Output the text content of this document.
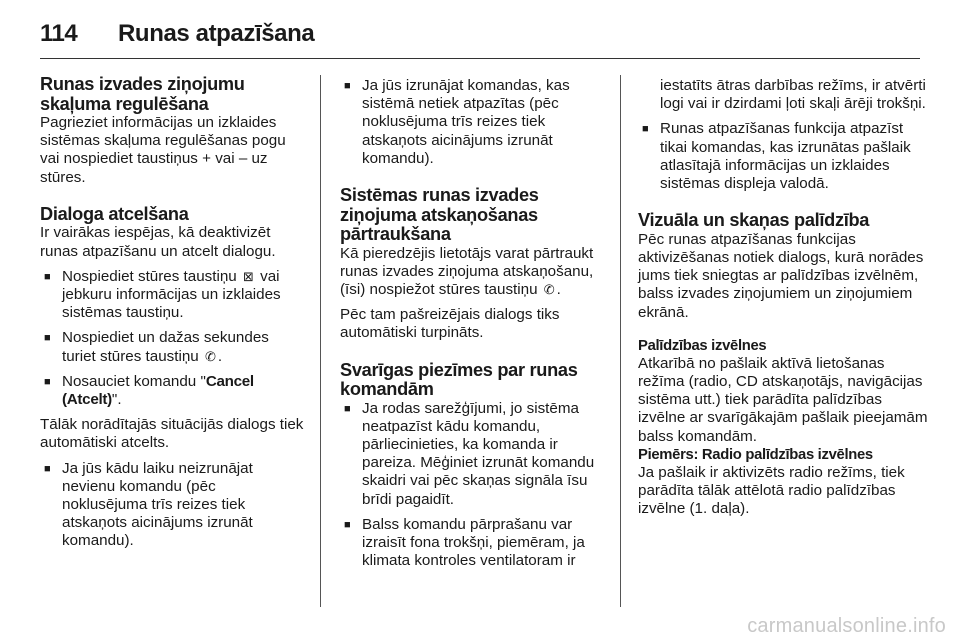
114 Runas atpazīšana
Runas izvades ziņojumu skaļuma regulēšana

Pagrieziet informācijas un izklaides sistēmas skaļuma regulēšanas pogu vai nospiediet taustiņus + vai – uz stūres.

Dialoga atcelšana

Ir vairākas iespējas, kā deaktivizēt runas atpazīšanu un atcelt dialogu.

■ Nospiediet stūres taustiņu ⊠ vai jebkuru informācijas un izklaides sistēmas taustiņu.
■ Nospiediet un dažas sekundes turiet stūres taustiņu ✆ .
■ Nosauciet komandu "Cancel (Atcelt)".

Tālāk norādītajās situācijās dialogs tiek automātiski atcelts.

■ Ja jūs kādu laiku neizrunājat nevienu komandu (pēc noklusējuma trīs reizes tiek atskaņots aicinājums izrunāt komandu).
■ Ja jūs izrunājat komandas, kas sistēmā netiek atpazītas (pēc noklusējuma trīs reizes tiek atskaņots aicinājums izrunāt komandu).
Sistēmas runas izvades ziņojuma atskaņošanas pārtraukšana

Kā pieredzējis lietotājs varat pārtraukt runas izvades ziņojuma atskaņošanu, (īsi) nospiežot stūres taustiņu ✆ .

Pēc tam pašreizējais dialogs tiks automātiski turpināts.

Svarīgas piezīmes par runas komandām
■ Ja rodas sarežģījumi, jo sistēma neatpazīst kādu komandu, pārliecinieties, ka komanda ir pareiza. Mēģiniet izrunāt komandu skaidri vai pēc skaņas signāla īsu brīdi pagaidīt.
■ Balss komandu pārprašanu var izraisīt fona trokšņi, piemēram, ja klimata kontroles ventilatoram ir

iestatīts ātras darbības režīms, ir atvērti logi vai ir dzirdami ļoti skaļi ārēji trokšņi.

■ Runas atpazīšanas funkcija atpazīst tikai komandas, kas izrunātas pašlaik atlasītajā informācijas un izklaides sistēmas displeja valodā.
Vizuāla un skaņas palīdzība

Pēc runas atpazīšanas funkcijas aktivizēšanas notiek dialogs, kurā norādes jums tiek sniegtas ar palīdzības izvēlnēm, balss izvades ziņojumiem un ziņojumiem ekrānā.

Palīdzības izvēlnes

Atkarībā no pašlaik aktīvā lietošanas režīma (radio, CD atskaņotājs, navigācijas sistēma utt.) tiek parādīta palīdzības izvēlne ar svarīgākajām pašlaik pieejamām balss komandām.

Piemērs: Radio palīdzības izvēlnes

Ja pašlaik ir aktivizēts radio režīms, tiek parādīta tālāk attēlotā radio palīdzības izvēlne (1. daļa).

carmanualsonline.info
